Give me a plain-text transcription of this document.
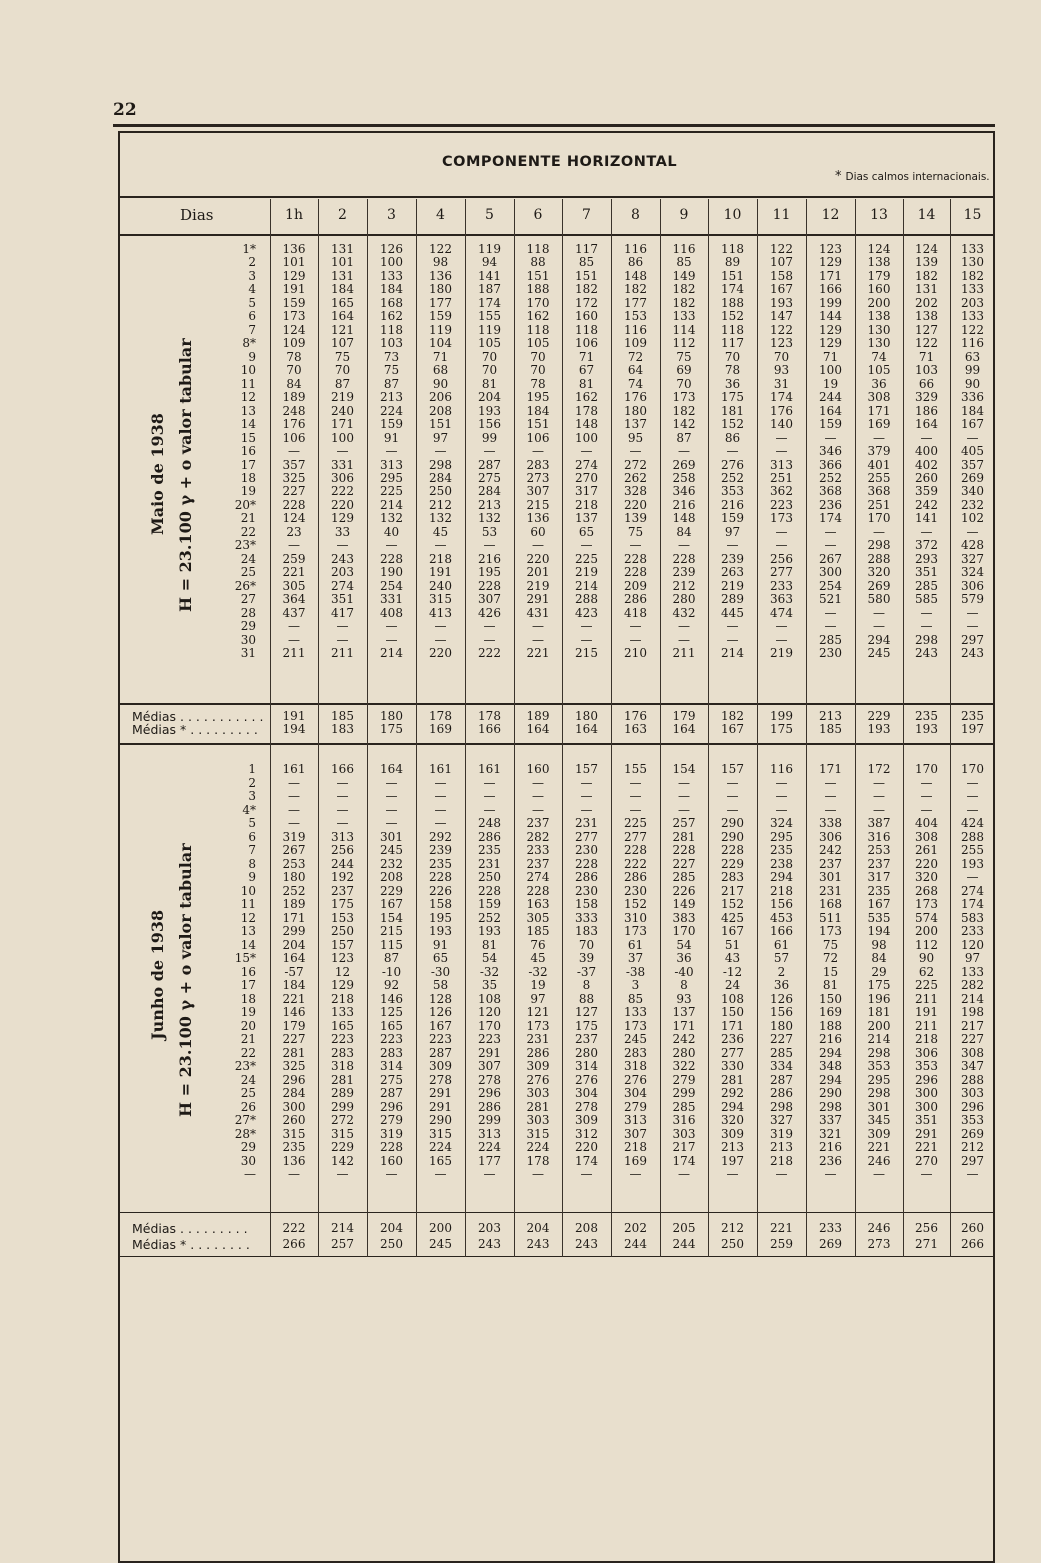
22
COMPONENTE HORIZONTAL
* Dias calmos internacionais.
Dias	1h	2	3	4	5	6	7	8	9	10	11	12	13	14	15
Maio de 1938 H = 23.100 γ + o valor tabular
1*	136	131	126	122	119	118	117	116	116	118	122	123	124	124	133
2	101	101	100	98	94	88	85	86	85	89	107	129	138	139	130
3	129	131	133	136	141	151	151	148	149	151	158	171	179	182	182
4	191	184	184	180	187	188	182	182	182	174	167	166	160	131	133
5	159	165	168	177	174	170	172	177	182	188	193	199	200	202	203
6	173	164	162	159	155	162	160	153	133	152	147	144	138	138	133
7	124	121	118	119	119	118	118	116	114	118	122	129	130	127	122
8*	109	107	103	104	105	105	106	109	112	117	123	129	130	122	116
9	78	75	73	71	70	70	71	72	75	70	70	71	74	71	63
10	70	70	75	68	70	70	67	64	69	78	93	100	105	103	99
11	84	87	87	90	81	78	81	74	70	36	31	19	36	66	90
12	189	219	213	206	204	195	162	176	173	175	174	244	308	329	336
13	248	240	224	208	193	184	178	180	182	181	176	164	171	186	184
14	176	171	159	151	156	151	148	137	142	152	140	159	169	164	167
15	106	100	91	97	99	106	100	95	87	86	—	—	—	—	—
16	—	—	—	—	—	—	—	—	—	—	—	346	379	400	405
17	357	331	313	298	287	283	274	272	269	276	313	366	401	402	357
18	325	306	295	284	275	273	270	262	258	252	251	252	255	260	269
19	227	222	225	250	284	307	317	328	346	353	362	368	368	359	340
20*	228	220	214	212	213	215	218	220	216	216	223	236	251	242	232
21	124	129	132	132	132	136	137	139	148	159	173	174	170	141	102
22	23	33	40	45	53	60	65	75	84	97	—	—	—	—	—
23*	—	—	—	—	—	—	—	—	—	—	—	—	298	372	428
24	259	243	228	218	216	220	225	228	228	239	256	267	288	293	327
25	221	203	190	191	195	201	219	228	239	263	277	300	320	351	324
26*	305	274	254	240	228	219	214	209	212	219	233	254	269	285	306
27	364	351	331	315	307	291	288	286	280	289	363	521	580	585	579
28	437	417	408	413	426	431	423	418	432	445	474	—	—	—	—
29	—	—	—	—	—	—	—	—	—	—	—	—	—	—	—
30	—	—	—	—	—	—	—	—	—	—	—	285	294	298	297
31	211	211	214	220	222	221	215	210	211	214	219	230	245	243	243
Médias . . . . . . . . . . .	191	185	180	178	178	189	180	176	179	182	199	213	229	235	235
Médias * . . . . . . . . .	194	183	175	169	166	164	164	163	164	167	175	185	193	193	197
Junho de 1938 H = 23.100 γ + o valor tabular
1	161	166	164	161	161	160	157	155	154	157	116	171	172	170	170
2	—	—	—	—	—	—	—	—	—	—	—	—	—	—	—
3	—	—	—	—	—	—	—	—	—	—	—	—	—	—	—
4*	—	—	—	—	—	—	—	—	—	—	—	—	—	—	—
5	—	—	—	—	248	237	231	225	257	290	324	338	387	404	424
6	319	313	301	292	286	282	277	277	281	290	295	306	316	308	288
7	267	256	245	239	235	233	230	228	228	228	235	242	253	261	255
8	253	244	232	235	231	237	228	222	227	229	238	237	237	220	193
9	180	192	208	228	250	274	286	286	285	283	294	301	317	320	—
10	252	237	229	226	228	228	230	230	226	217	218	231	235	268	274
11	189	175	167	158	159	163	158	152	149	152	156	168	167	173	174
12	171	153	154	195	252	305	333	310	383	425	453	511	535	574	583
13	299	250	215	193	193	185	183	173	170	167	166	173	194	200	233
14	204	157	115	91	81	76	70	61	54	51	61	75	98	112	120
15*	164	123	87	65	54	45	39	37	36	43	57	72	84	90	97
16	-57	12	-10	-30	-32	-32	-37	-38	-40	-12	2	15	29	62	133
17	184	129	92	58	35	19	8	3	8	24	36	81	175	225	282
18	221	218	146	128	108	97	88	85	93	108	126	150	196	211	214
19	146	133	125	126	120	121	127	133	137	150	156	169	181	191	198
20	179	165	165	167	170	173	175	173	171	171	180	188	200	211	217
21	227	223	223	223	223	231	237	245	242	236	227	216	214	218	227
22	281	283	283	287	291	286	280	283	280	277	285	294	298	306	308
23*	325	318	314	309	307	309	314	318	322	330	334	348	353	353	347
24	296	281	275	278	278	276	276	276	279	281	287	294	295	296	288
25	284	289	287	291	296	303	304	304	299	292	286	290	298	300	303
26	300	299	296	291	286	281	278	279	285	294	298	298	301	300	296
27*	260	272	279	290	299	303	309	313	316	320	327	337	345	351	353
28*	315	315	319	315	313	315	312	307	303	309	319	321	309	291	269
29	235	229	228	224	224	224	220	218	217	213	213	216	221	221	212
30	136	142	160	165	177	178	174	169	174	197	218	236	246	270	297
—	—	—	—	—	—	—	—	—	—	—	—	—	—	—	—
Médias . . . . . . . . .	222	214	204	200	203	204	208	202	205	212	221	233	246	256	260
Médias * . . . . . . . .	266	257	250	245	243	243	243	244	244	250	259	269	273	271	266
